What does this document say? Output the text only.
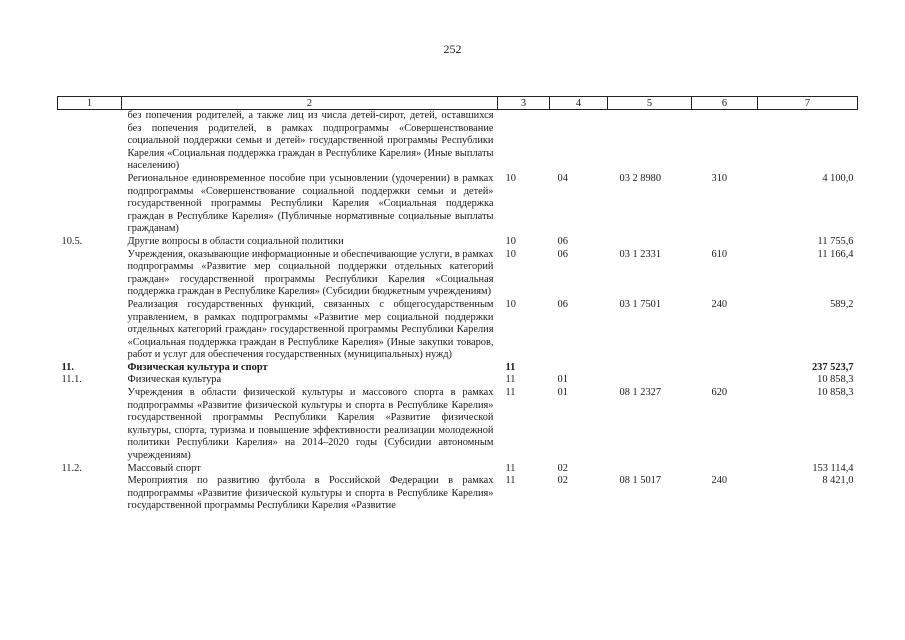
252
1	2	3	4	5	6	7
	без попечения родителей, а также лиц из числа детей-сирот, детей, оставшихся без попечения родителей, в рамках подпрограммы «Совершенствование социальной поддержки семьи и детей» государственной программы Республики Карелия «Социальная поддержка граждан в Республике Карелия» (Иные выплаты населению)					
	Региональное единовременное пособие при усыновлении (удочерении) в рамках подпрограммы «Совершенствование социальной поддержки семьи и детей» государственной программы Республики Карелия «Социальная поддержка граждан в Республике Карелия» (Публичные нормативные социальные выплаты гражданам)	10	04	03 2 8980	310	4 100,0
10.5.	Другие вопросы в области социальной политики	10	06			11 755,6
	Учреждения, оказывающие информационные и обеспечивающие услуги, в рамках подпрограммы «Развитие мер социальной поддержки отдельных категорий граждан» государственной программы Республики Карелия «Социальная поддержка граждан в Республике Карелия» (Субсидии бюджетным учреждениям)	10	06	03 1 2331	610	11 166,4
	Реализация государственных функций, связанных с общегосударственным управлением, в рамках подпрограммы «Развитие мер социальной поддержки отдельных категорий граждан» государственной программы Республики Карелия «Социальная поддержка граждан в Республике Карелия» (Иные закупки товаров, работ и услуг для обеспечения государственных (муниципальных) нужд)	10	06	03 1 7501	240	589,2
11.	Физическая культура и спорт	11				237 523,7
11.1.	Физическая культура	11	01			10 858,3
	Учреждения в области физической культуры и массового спорта в рамках подпрограммы «Развитие физической культуры и спорта в Республике Карелия» государственной программы Республики Карелия «Развитие физической культуры, спорта, туризма и повышение эффективности реализации молодежной политики Республики Карелия» на 2014–2020 годы (Субсидии автономным учреждениям)	11	01	08 1 2327	620	10 858,3
11.2.	Массовый спорт	11	02			153 114,4
	Мероприятия по развитию футбола в Российской Федерации в рамках подпрограммы «Развитие физической культуры и спорта в Республике Карелия» государственной программы Республики Карелия «Развитие	11	02	08 1 5017	240	8 421,0
